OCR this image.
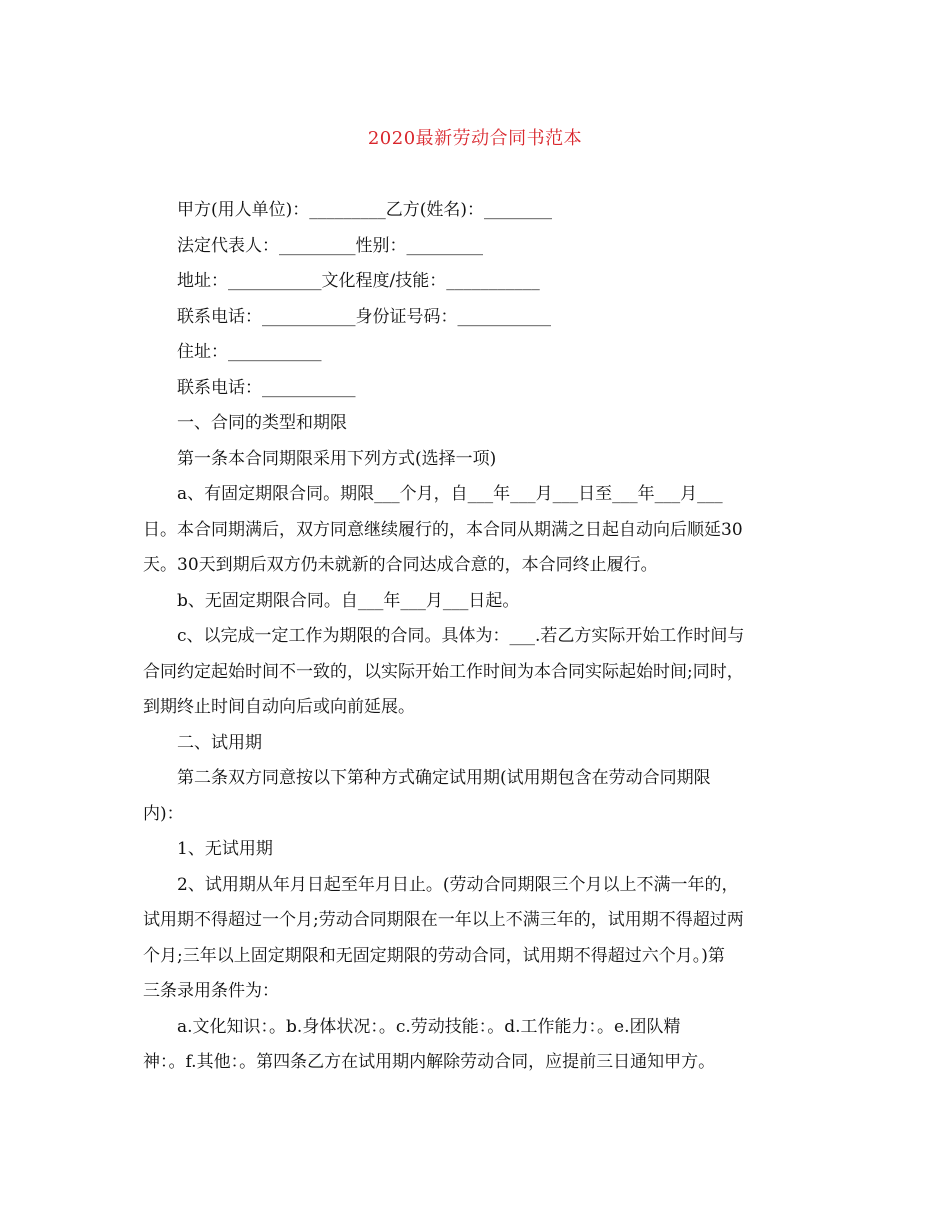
2020最新劳动合同书范本

甲方(用人单位)：_________乙方(姓名)：________

法定代表人：_________性别：_________

地址：___________文化程度/技能：___________

联系电话：___________身份证号码：___________

住址：___________

联系电话：___________

一、合同的类型和期限

第一条本合同期限采用下列方式(选择一项)

a、有固定期限合同。期限___个月，自___年___月___日至___年___月___

日。本合同期满后，双方同意继续履行的，本合同从期满之日起自动向后顺延30

天。30天到期后双方仍未就新的合同达成合意的，本合同终止履行。

b、无固定期限合同。自___年___月___日起。

c、以完成一定工作为期限的合同。具体为：___.若乙方实际开始工作时间与

合同约定起始时间不一致的，以实际开始工作时间为本合同实际起始时间;同时，

到期终止时间自动向后或向前延展。

二、试用期

第二条双方同意按以下第种方式确定试用期(试用期包含在劳动合同期限

内)：

1、无试用期

2、试用期从年月日起至年月日止。(劳动合同期限三个月以上不满一年的，

试用期不得超过一个月;劳动合同期限在一年以上不满三年的，试用期不得超过两

个月;三年以上固定期限和无固定期限的劳动合同，试用期不得超过六个月。)第

三条录用条件为：

a.文化知识：。b.身体状况：。c.劳动技能：。d.工作能力：。e.团队精

神：。f.其他：。第四条乙方在试用期内解除劳动合同，应提前三日通知甲方。
